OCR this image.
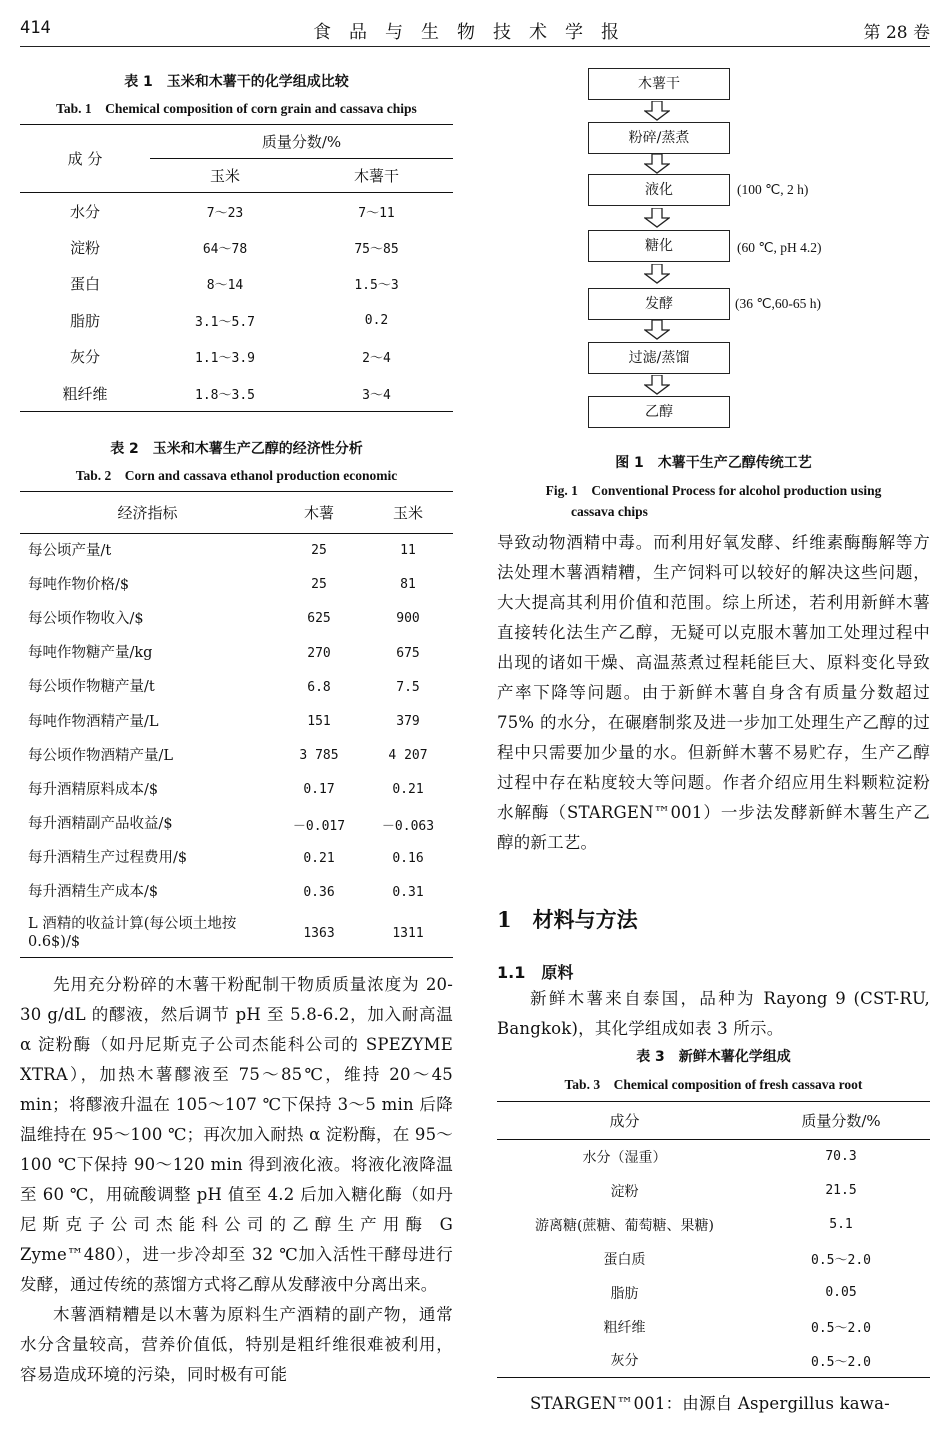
414	食品与生物技术学报	第 28 卷
表 1　玉米和木薯干的化学组成比较
Tab. 1　Chemical composition of corn grain and cassava chips
成 分	质量分数/%	
	玉米	木薯干
水分	7～23	7～11
淀粉	64～78	75～85
蛋白	8～14	1.5～3
脂肪	3.1～5.7	0.2
灰分	1.1～3.9	2～4
粗纤维	1.8～3.5	3～4
表 2　玉米和木薯生产乙醇的经济性分析
Tab. 2　Corn and cassava ethanol production economic
经济指标	木薯	玉米
每公顷产量/t	25	11
每吨作物价格/$	25	81
每公顷作物收入/$	625	900
每吨作物糖产量/kg	270	675
每公顷作物糖产量/t	6.8	7.5
每吨作物酒精产量/L	151	379
每公顷作物酒精产量/L	3 785	4 207
每升酒精原料成本/$	0.17	0.21
每升酒精副产品收益/$	－0.017	－0.063
每升酒精生产过程费用/$	0.21	0.16
每升酒精生产成本/$	0.36	0.31
L 酒精的收益计算(每公顷土地按 0.6$)/$	1363	1311

先用充分粉碎的木薯干粉配制干物质质量浓度为 20-30 g/dL 的醪液，然后调节 pH 至 5.8-6.2，加入耐高温 α 淀粉酶（如丹尼斯克子公司杰能科公司的 SPEZYME　XTRA），加热木薯醪液至 75～85℃，维持 20～45 min；将醪液升温在 105～107 ℃下保持 3～5 min 后降温维持在 95～100 ℃；再次加入耐热 α 淀粉酶，在 95～100 ℃下保持 90～120 min 得到液化液。将液化液降温至 60 ℃，用硫酸调整 pH 值至 4.2 后加入糖化酶（如丹尼斯克子公司杰能科公司的乙醇生产用酶 G Zyme™480），进一步冷却至 32 ℃加入活性干酵母进行发酵，通过传统的蒸馏方式将乙醇从发酵液中分离出来。

木薯酒精糟是以木薯为原料生产酒精的副产物，通常水分含量较高，营养价值低，特别是粗纤维很难被利用，容易造成环境的污染，同时极有可能

木薯干
粉碎/蒸煮
液化
糖化
发酵
过滤/蒸馏
乙醇
(100 ℃, 2 h)
(60 ℃, pH 4.2)
(36 ℃,60-65 h)
图 1　木薯干生产乙醇传统工艺
Fig. 1　Conventional Process for alcohol production using
cassava chips

导致动物酒精中毒。而利用好氧发酵、纤维素酶酶解等方法处理木薯酒精糟，生产饲料可以较好的解决这些问题，大大提高其利用价值和范围。综上所述，若利用新鲜木薯直接转化法生产乙醇，无疑可以克服木薯加工处理过程中出现的诸如干燥、高温蒸煮过程耗能巨大、原料变化导致产率下降等问题。由于新鲜木薯自身含有质量分数超过 75% 的水分，在碾磨制浆及进一步加工处理生产乙醇的过程中只需要加少量的水。但新鲜木薯不易贮存，生产乙醇过程中存在粘度较大等问题。作者介绍应用生料颗粒淀粉水解酶（STARGEN™001）一步法发酵新鲜木薯生产乙醇的新工艺。

1　材料与方法
1.1　原料

新鲜木薯来自泰国，品种为 Rayong 9 (CST-RU, Bangkok)，其化学组成如表 3 所示。

表 3　新鲜木薯化学组成
Tab. 3　Chemical composition of fresh cassava root
成分	质量分数/%
水分（湿重）	70.3
淀粉	21.5
游离糖(蔗糖、葡萄糖、果糖)	5.1
蛋白质	0.5～2.0
脂肪	0.05
粗纤维	0.5～2.0
灰分	0.5～2.0

STARGEN™001：由源自 Aspergillus kawa-
